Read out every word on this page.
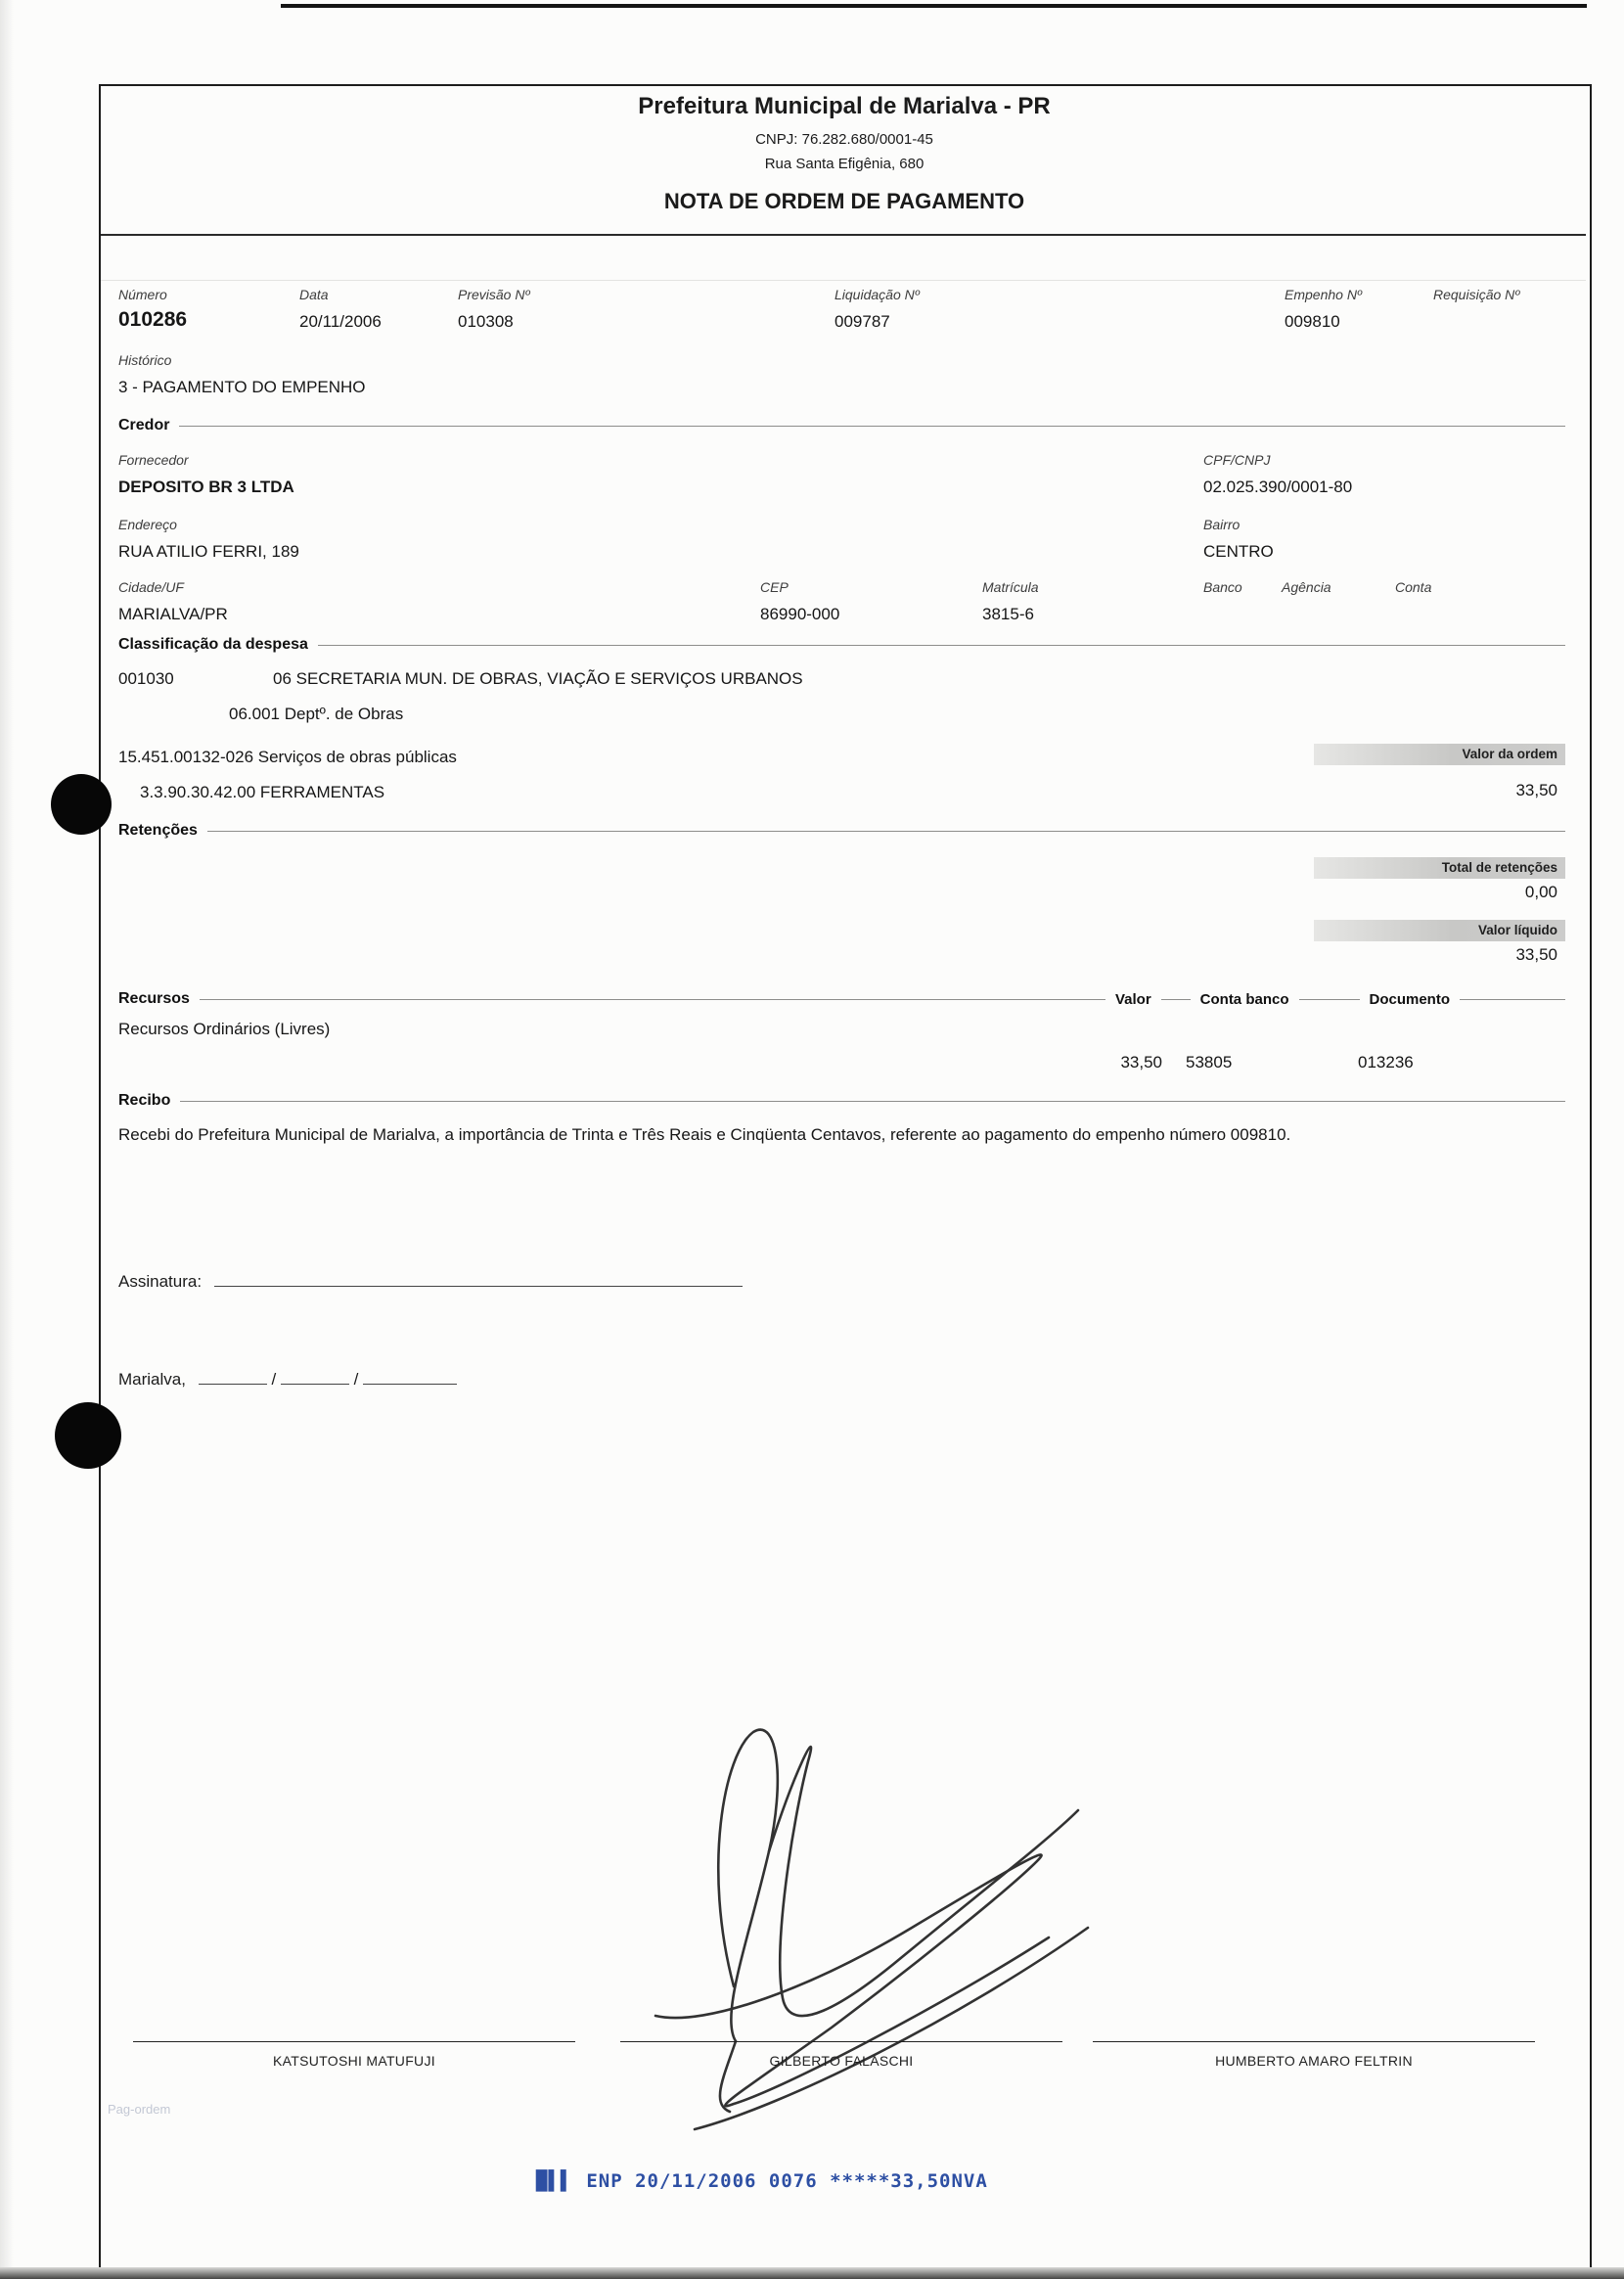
Prefeitura Municipal de Marialva - PR
CNPJ: 76.282.680/0001-45
Rua Santa Efigênia, 680
NOTA DE ORDEM DE PAGAMENTO
Número	Data	Previsão Nº	Liquidação Nº	Empenho Nº	Requisição Nº
010286	20/11/2006	010308	009787	009810
Histórico
3 - PAGAMENTO DO EMPENHO
Credor
Fornecedor	CPF/CNPJ
DEPOSITO BR 3 LTDA	02.025.390/0001-80
Endereço	Bairro
RUA ATILIO FERRI, 189	CENTRO
Cidade/UF	CEP	Matrícula	Banco	Agência	Conta
MARIALVA/PR	86990-000	3815-6
Classificação da despesa
001030	06 SECRETARIA MUN. DE OBRAS, VIAÇÃO E SERVIÇOS URBANOS
06.001 Deptº. de Obras
15.451.00132-026 Serviços de obras públicas	Valor da ordem
3.3.90.30.42.00 FERRAMENTAS	33,50
Retenções
Total de retenções
0,00
Valor líquido
33,50
Recursos	Valor	Conta banco	Documento
Recursos Ordinários (Livres)
33,50 53805	013236
Recibo
Recebi do Prefeitura Municipal de Marialva, a importância de Trinta e Três Reais e Cinqüenta Centavos, referente ao pagamento do empenho número 009810.
Assinatura:
Marialva,	/	/
KATSUTOSHI MATUFUJI	GILBERTO FALASCHI	HUMBERTO AMARO FELTRIN
Pag-ordem
█▌▌ ENP 20/11/2006 0076 *****33,50NVA
